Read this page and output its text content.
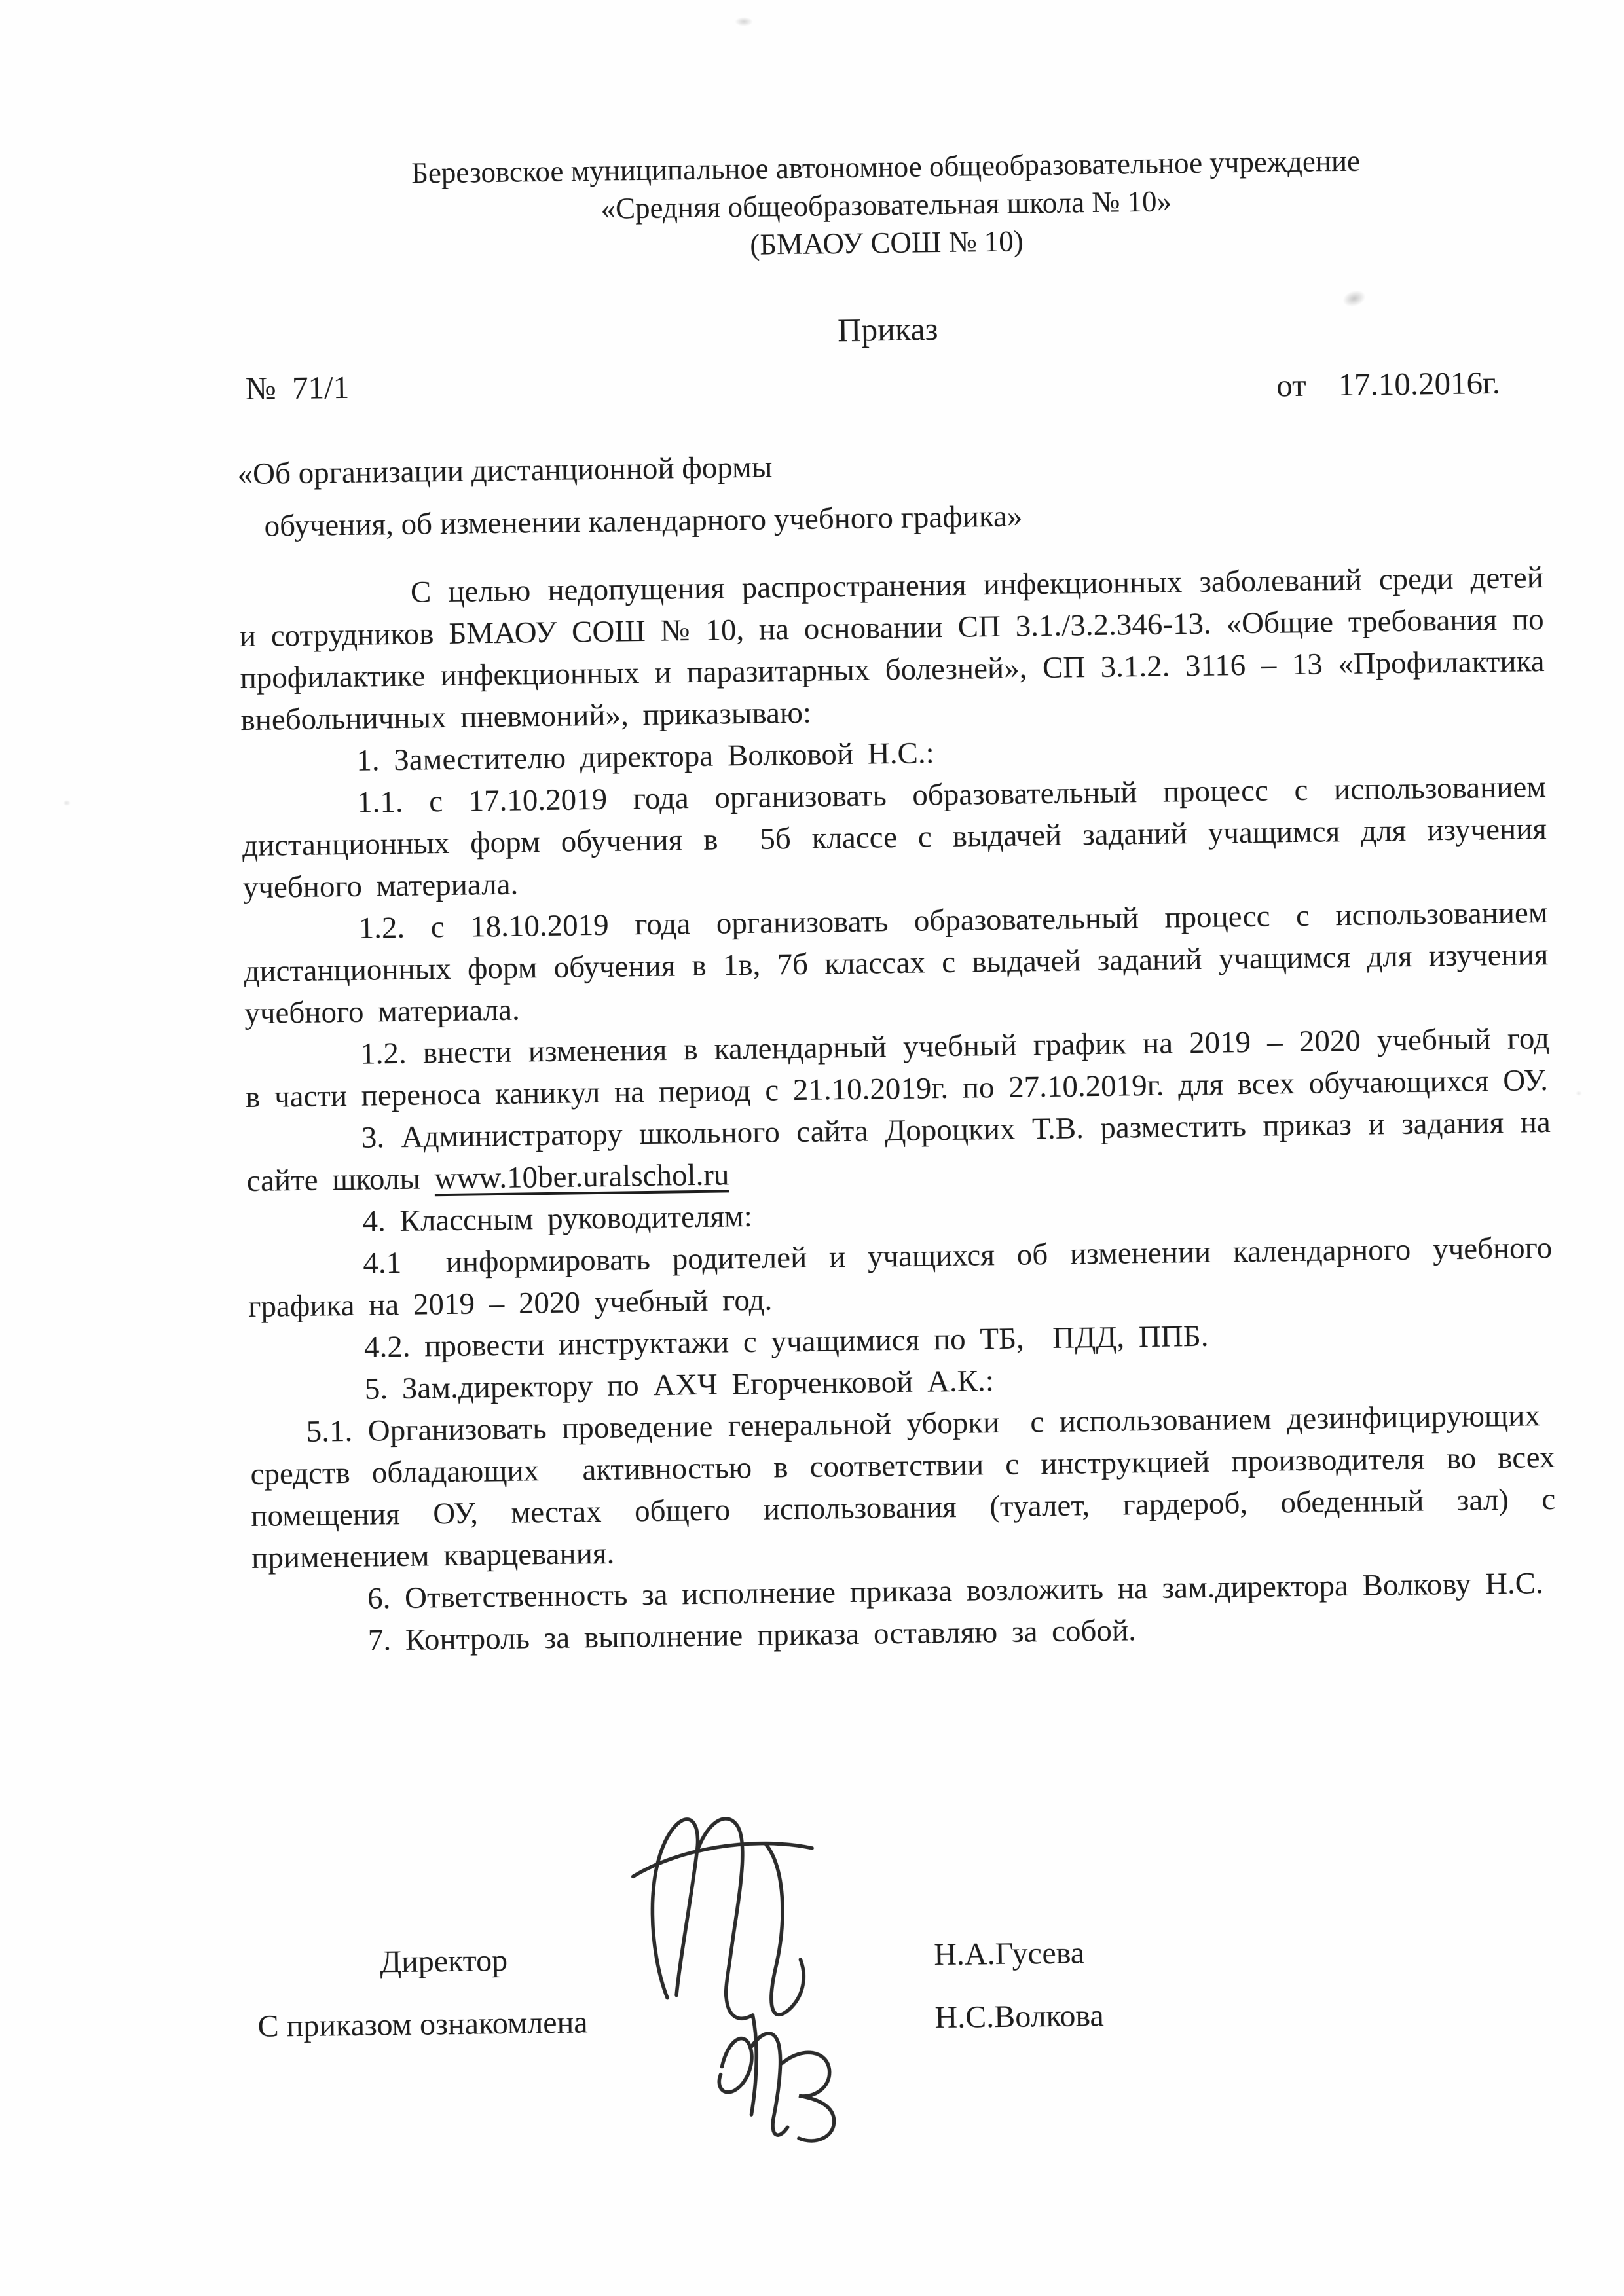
Березовское муниципальное автономное общеобразовательное учреждение
«Средняя общеобразовательная школа № 10»
(БМАОУ СОШ № 10)
Приказ
№  71/1	от    17.10.2016г.
«Об организации дистанционной формы
обучения, об изменении календарного учебного графика»

С целью недопущения распространения инфекционных заболеваний среди детей и сотрудников БМАОУ СОШ № 10, на основании СП 3.1./3.2.346-13. «Общие требования по профилактике инфекционных и паразитарных болезней», СП 3.1.2. 3116 – 13 «Профилактика внебольничных пневмоний», приказываю:

1. Заместителю директора Волковой Н.С.:

1.1. с 17.10.2019 года организовать образовательный процесс с использованием дистанционных форм обучения в  5б классе с выдачей заданий учащимся для изучения учебного материала.

1.2. с 18.10.2019 года организовать образовательный процесс с использованием дистанционных форм обучения в 1в, 7б классах с выдачей заданий учащимся для изучения учебного материала.

1.2. внести изменения в календарный учебный график на 2019 – 2020 учебный год в части переноса каникул на период с 21.10.2019г. по 27.10.2019г. для всех обучающихся ОУ.

3. Администратору школьного сайта Дороцких Т.В. разместить приказ и задания на сайте школы www.10ber.uralschol.ru

4. Классным руководителям:

4.1  информировать родителей и учащихся об изменении календарного учебного графика на 2019 – 2020 учебный год.

4.2. провести инструктажи с учащимися по ТБ,  ПДД, ППБ.

5. Зам.директору по АХЧ Егорченковой А.К.:

5.1. Организовать проведение генеральной уборки  с использованием дезинфицирующих  средств обладающих  активностью в соответствии с инструкцией производителя во всех помещения ОУ, местах общего использования (туалет, гардероб, обеденный зал) с применением кварцевания.

6. Ответственность за исполнение приказа возложить на зам.директора Волкову Н.С.

7. Контроль за выполнение приказа оставляю за собой.

Директор	Н.А.Гусева
С приказом ознакомлена	Н.С.Волкова
